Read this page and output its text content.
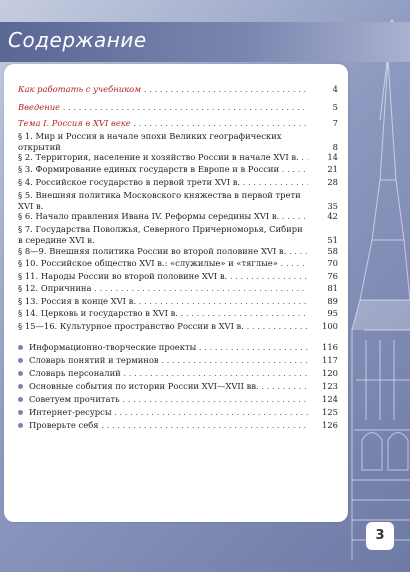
Содержание
Как работать с учебником . . .	4
Введение . . .	5
Тема I. Россия в XVI веке . . .	7
§ 1. Мир и Россия в начале эпохи Великих географических открытий	8
§ 2. Территория, население и хозяйство России в начале XVI в. . . .	14
§ 3. Формирование единых государств в Европе и в России . . .	21
§ 4. Российское государство в первой трети XVI в. . . .	28
§ 5. Внешняя политика Московского княжества в первой трети XVI в.	35
§ 6. Начало правления Ивана IV. Реформы середины XVI в. . . .	42
§ 7. Государства Поволжья, Северного Причерноморья, Сибири в середине XVI в.	51
§ 8—9. Внешняя политика России во второй половине XVI в. . . .	58
§ 10. Российское общество XVI в.: «служилые» и «тяглые» . . .	70
§ 11. Народы России во второй половине XVI в. . . .	76
§ 12. Опричнина . . .	81
§ 13. Россия в конце XVI в. . . .	89
§ 14. Церковь и государство в XVI в. . . .	95
§ 15—16. Культурное пространство России в XVI в. . . .	100
Информационно-творческие проекты . . .	116
Словарь понятий и терминов . . .	117
Словарь персоналий . . .	120
Основные события по истории России XVI—XVII вв. . . .	123
Советуем прочитать . . .	124
Интернет-ресурсы . . .	125
Проверьте себя . . .	126
3
